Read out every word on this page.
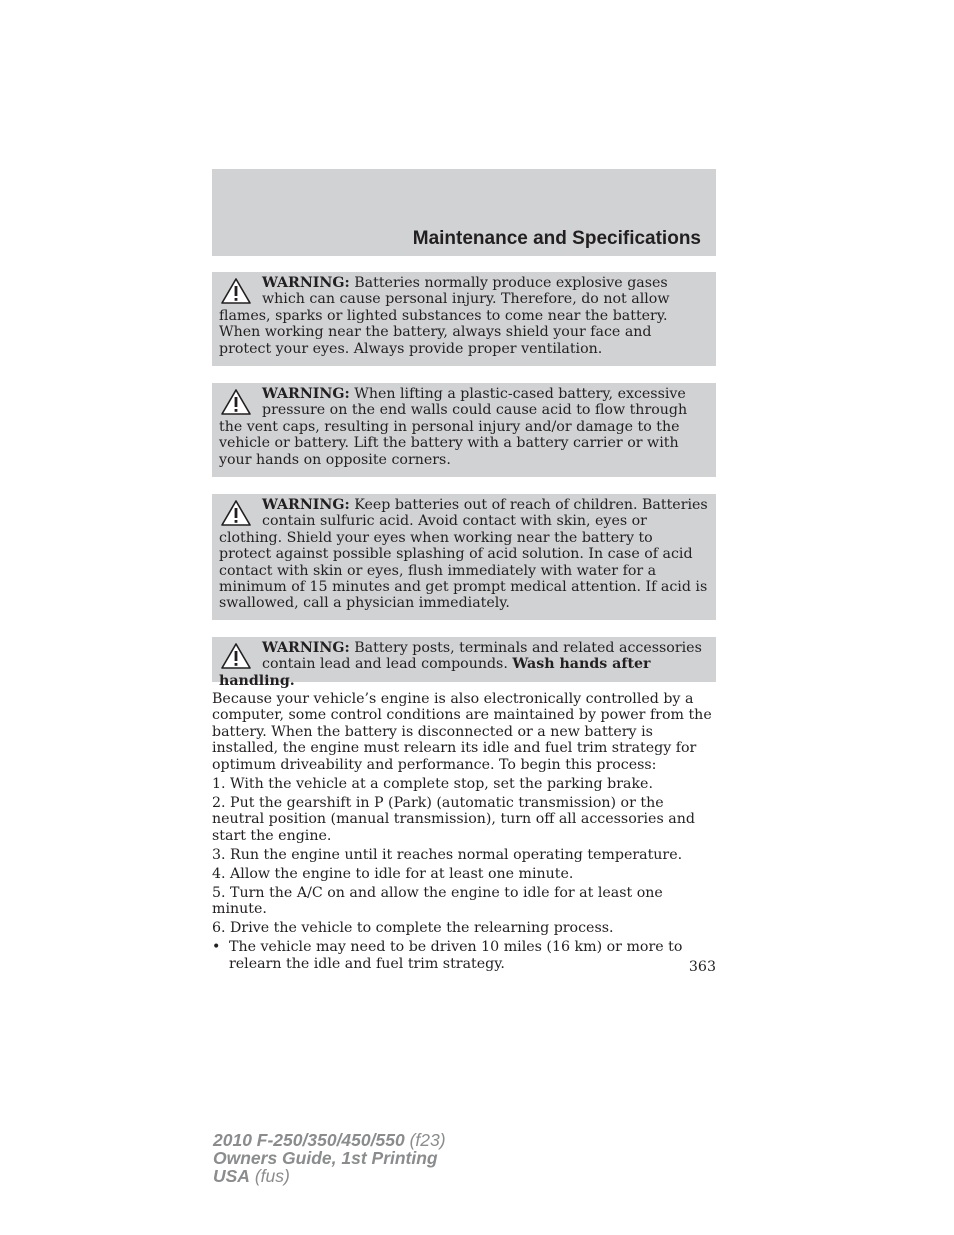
Maintenance and Specifications
WARNING: Batteries normally produce explosive gases which can cause personal injury. Therefore, do not allow flames, sparks or lighted substances to come near the battery. When working near the battery, always shield your face and protect your eyes. Always provide proper ventilation.
WARNING: When lifting a plastic-cased battery, excessive pressure on the end walls could cause acid to flow through the vent caps, resulting in personal injury and/or damage to the vehicle or battery. Lift the battery with a battery carrier or with your hands on opposite corners.
WARNING: Keep batteries out of reach of children. Batteries contain sulfuric acid. Avoid contact with skin, eyes or clothing. Shield your eyes when working near the battery to protect against possible splashing of acid solution. In case of acid contact with skin or eyes, flush immediately with water for a minimum of 15 minutes and get prompt medical attention. If acid is swallowed, call a physician immediately.
WARNING: Battery posts, terminals and related accessories contain lead and lead compounds. Wash hands after handling.

Because your vehicle’s engine is also electronically controlled by a computer, some control conditions are maintained by power from the battery. When the battery is disconnected or a new battery is installed, the engine must relearn its idle and fuel trim strategy for optimum driveability and performance. To begin this process:

1. With the vehicle at a complete stop, set the parking brake.

2. Put the gearshift in P (Park) (automatic transmission) or the neutral position (manual transmission), turn off all accessories and start the engine.

3. Run the engine until it reaches normal operating temperature.

4. Allow the engine to idle for at least one minute.

5. Turn the A/C on and allow the engine to idle for at least one minute.

6. Drive the vehicle to complete the relearning process.

• The vehicle may need to be driven 10 miles (16 km) or more to relearn the idle and fuel trim strategy.	363
2010 F-250/350/450/550 (f23)
Owners Guide, 1st Printing
USA (fus)
